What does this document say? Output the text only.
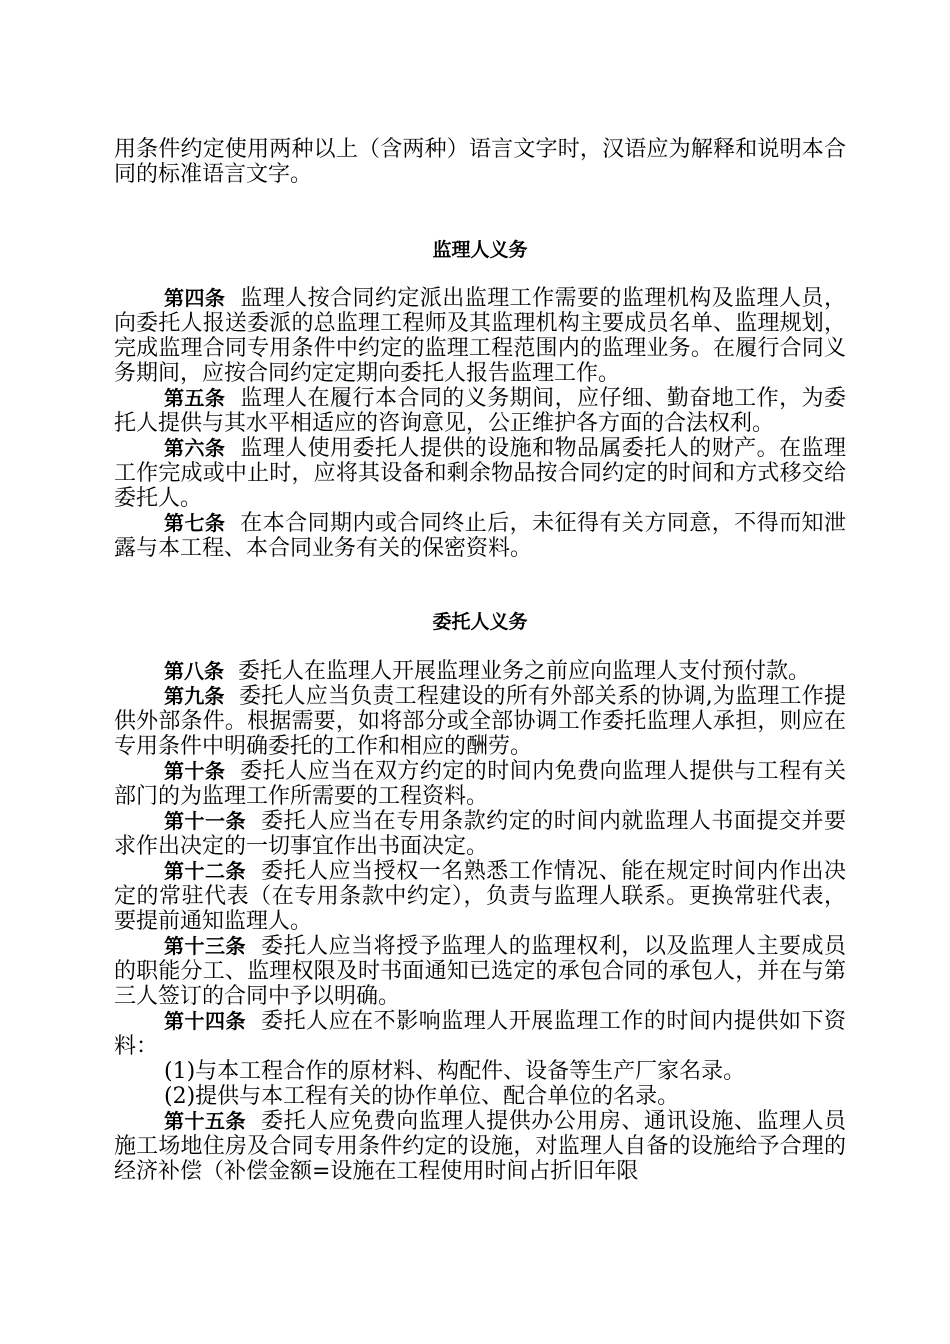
用条件约定使用两种以上（含两种）语言文字时，汉语应为解释和说明本合同的标准语言文字。

监理人义务

第四条 监理人按合同约定派出监理工作需要的监理机构及监理人员，向委托人报送委派的总监理工程师及其监理机构主要成员名单、监理规划，完成监理合同专用条件中约定的监理工程范围内的监理业务。在履行合同义务期间，应按合同约定定期向委托人报告监理工作。

第五条 监理人在履行本合同的义务期间，应仔细、勤奋地工作，为委托人提供与其水平相适应的咨询意见，公正维护各方面的合法权利。

第六条 监理人使用委托人提供的设施和物品属委托人的财产。在监理工作完成或中止时，应将其设备和剩余物品按合同约定的时间和方式移交给委托人。

第七条 在本合同期内或合同终止后，未征得有关方同意，不得而知泄露与本工程、本合同业务有关的保密资料。

委托人义务

第八条 委托人在监理人开展监理业务之前应向监理人支付预付款。

第九条 委托人应当负责工程建设的所有外部关系的协调,为监理工作提供外部条件。根据需要，如将部分或全部协调工作委托监理人承担，则应在专用条件中明确委托的工作和相应的酬劳。

第十条 委托人应当在双方约定的时间内免费向监理人提供与工程有关部门的为监理工作所需要的工程资料。

第十一条 委托人应当在专用条款约定的时间内就监理人书面提交并要求作出决定的一切事宜作出书面决定。

第十二条 委托人应当授权一名熟悉工作情况、能在规定时间内作出决定的常驻代表（在专用条款中约定），负责与监理人联系。更换常驻代表，要提前通知监理人。

第十三条 委托人应当将授予监理人的监理权利，以及监理人主要成员的职能分工、监理权限及时书面通知已选定的承包合同的承包人，并在与第三人签订的合同中予以明确。

第十四条 委托人应在不影响监理人开展监理工作的时间内提供如下资料：

(1)与本工程合作的原材料、构配件、设备等生产厂家名录。

(2)提供与本工程有关的协作单位、配合单位的名录。

第十五条 委托人应免费向监理人提供办公用房、通讯设施、监理人员施工场地住房及合同专用条件约定的设施，对监理人自备的设施给予合理的经济补偿（补偿金额=设施在工程使用时间占折旧年限
